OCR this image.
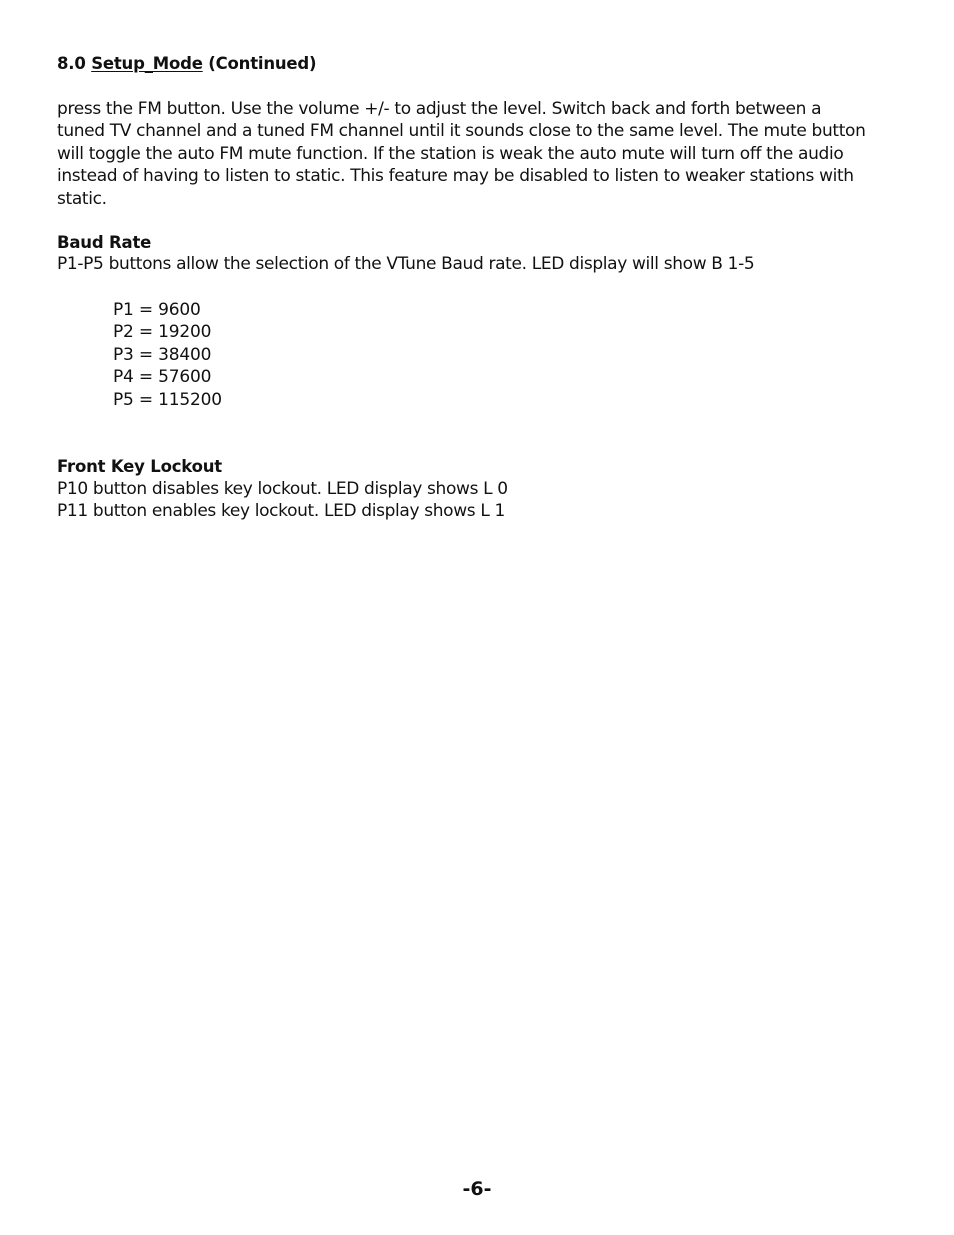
8.0 Setup_Mode (Continued)
press the FM button. Use the volume +/- to adjust the level. Switch back and forth between a
tuned TV channel and a tuned FM channel until it sounds close to the same level. The mute button
will toggle the auto FM mute function. If the station is weak the auto mute will turn off the audio
instead of having to listen to static. This feature may be disabled to listen to weaker stations with
static.
Baud Rate
P1-P5 buttons allow the selection of the VTune Baud rate. LED display will show B 1-5
P1 = 9600
P2 = 19200
P3 = 38400
P4 = 57600
P5 = 115200
Front Key Lockout
P10 button disables key lockout. LED display shows L 0
P11 button enables key lockout. LED display shows L 1
-6-
